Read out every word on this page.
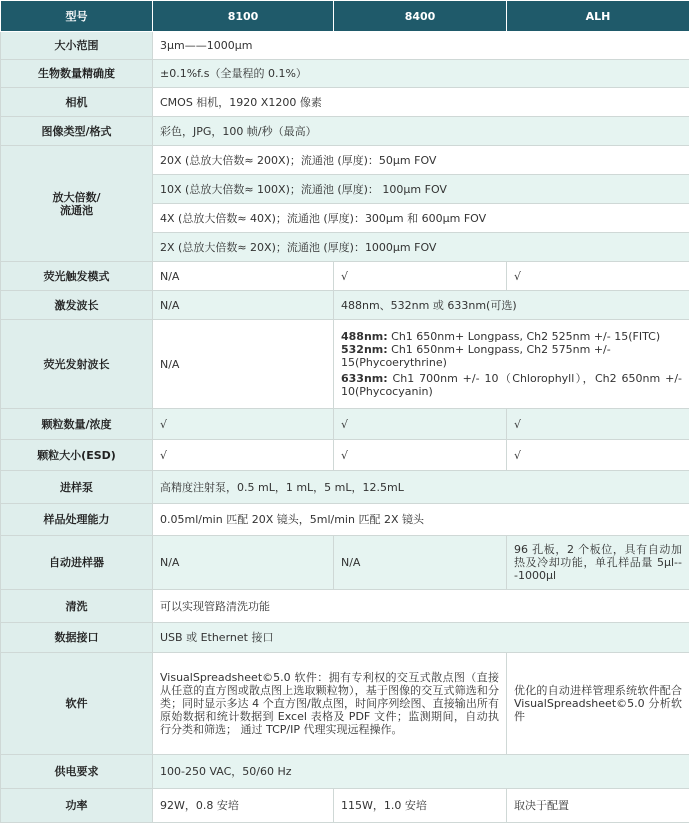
型号	8100	8400	ALH
大小范围	3μm——1000μm		
生物数量精确度	±0.1%f.s（全量程的 0.1%）		
相机	CMOS 相机，1920 X1200 像素		
图像类型/格式	彩色，JPG，100 帧/秒（最高）		
放大倍数/
流通池	20X (总放大倍数≈ 200X)；流通池 (厚度)：50μm FOV		
	10X (总放大倍数≈ 100X)；流通池 (厚度)： 100μm FOV		
	4X (总放大倍数≈ 40X)；流通池 (厚度)：300μm 和 600μm FOV		
	2X (总放大倍数≈ 20X)；流通池 (厚度)：1000μm FOV		
荧光触发模式	N/A	√	√
激发波长	N/A	488nm、532nm 或 633nm(可选)	
荧光发射波长	N/A	488nm: Ch1 650nm+ Longpass, Ch2 525nm +/- 15(FITC)
532nm: Ch1 650nm+ Longpass, Ch2 575nm +/- 15(Phycoerythrine)
633nm: Ch1 700nm +/- 10（Chlorophyll），Ch2 650nm +/- 10(Phycocyanin)	

颗粒数量/浓度	√	√	√
颗粒大小(ESD)	√	√	√
进样泵	高精度注射泵，0.5 mL，1 mL，5 mL，12.5mL		
样品处理能力	0.05ml/min 匹配 20X 镜头，5ml/min 匹配 2X 镜头		
自动进样器	N/A	N/A	96 孔板，2 个板位，具有自动加热及冷却功能，单孔样品量 5μl---1000μl
清洗	可以实现管路清洗功能		
数据接口	USB 或 Ethernet 接口		
软件	VisualSpreadsheet©5.0 软件：拥有专利权的交互式散点图（直接从任意的直方图或散点图上选取颗粒物），基于图像的交互式筛选和分类；同时显示多达 4 个直方图/散点图，时间序列绘图、直接输出所有原始数据和统计数据到 Excel 表格及 PDF 文件；监测期间，自动执行分类和筛选； 通过 TCP/IP 代理实现远程操作。		优化的自动进样管理系统软件配合 VisualSpreadsheet©5.0 分析软件
供电要求	100-250 VAC，50/60 Hz		
功率	92W，0.8 安培	115W，1.0 安培	取决于配置
